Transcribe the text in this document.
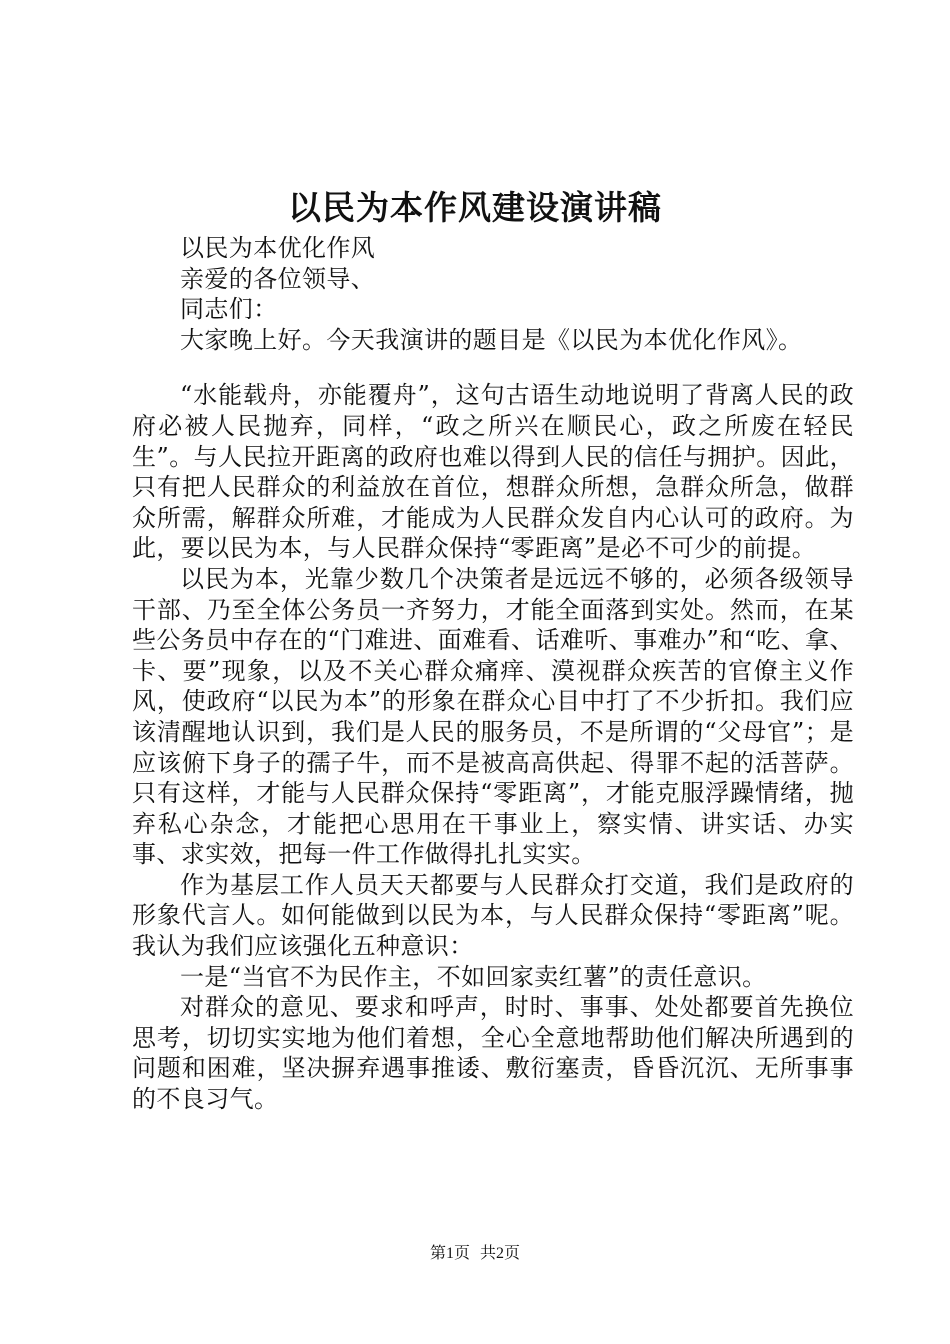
以民为本作风建设演讲稿

以民为本优化作风

亲爱的各位领导、

同志们：

大家晚上好。今天我演讲的题目是《以民为本优化作风》。

“水能载舟，亦能覆舟”，这句古语生动地说明了背离人民的政府必被人民抛弃，同样，“政之所兴在顺民心，政之所废在轻民生”。与人民拉开距离的政府也难以得到人民的信任与拥护。因此，只有把人民群众的利益放在首位，想群众所想，急群众所急，做群众所需，解群众所难，才能成为人民群众发自内心认可的政府。为此，要以民为本，与人民群众保持“零距离”是必不可少的前提。

以民为本，光靠少数几个决策者是远远不够的，必须各级领导干部、乃至全体公务员一齐努力，才能全面落到实处。然而，在某些公务员中存在的“门难进、面难看、话难听、事难办”和“吃、拿、卡、要”现象，以及不关心群众痛痒、漠视群众疾苦的官僚主义作风，使政府“以民为本”的形象在群众心目中打了不少折扣。我们应该清醒地认识到，我们是人民的服务员，不是所谓的“父母官”；是应该俯下身子的孺子牛，而不是被高高供起、得罪不起的活菩萨。只有这样，才能与人民群众保持“零距离”，才能克服浮躁情绪，抛弃私心杂念，才能把心思用在干事业上，察实情、讲实话、办实事、求实效，把每一件工作做得扎扎实实。

作为基层工作人员天天都要与人民群众打交道，我们是政府的形象代言人。如何能做到以民为本，与人民群众保持“零距离”呢。我认为我们应该强化五种意识：

一是“当官不为民作主，不如回家卖红薯”的责任意识。

对群众的意见、要求和呼声，时时、事事、处处都要首先换位思考，切切实实地为他们着想，全心全意地帮助他们解决所遇到的问题和困难，坚决摒弃遇事推诿、敷衍塞责，昏昏沉沉、无所事事的不良习气。

第1页 共2页
